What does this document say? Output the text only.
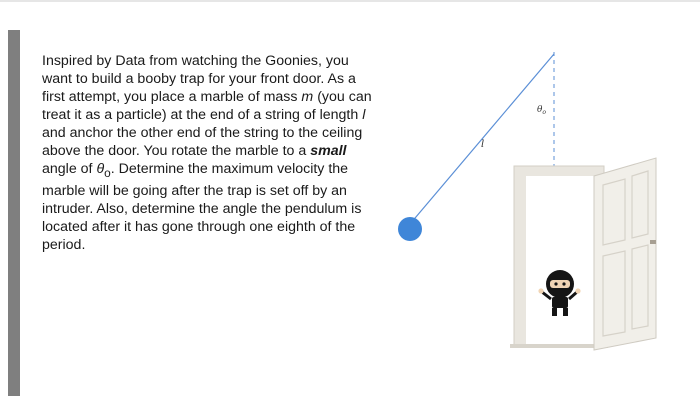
Inspired by Data from watching the Goonies, you want to build a booby trap for your front door. As a first attempt, you place a marble of mass m (you can treat it as a particle) at the end of a string of length l and anchor the other end of the string to the ceiling above the door. You rotate the marble to a small angle of $\theta_o$. Determine the maximum velocity the marble will be going after the trap is set off by an intruder. Also, determine the angle the pendulum is located after it has gone through one eighth of the period.

$\theta_o$
l
